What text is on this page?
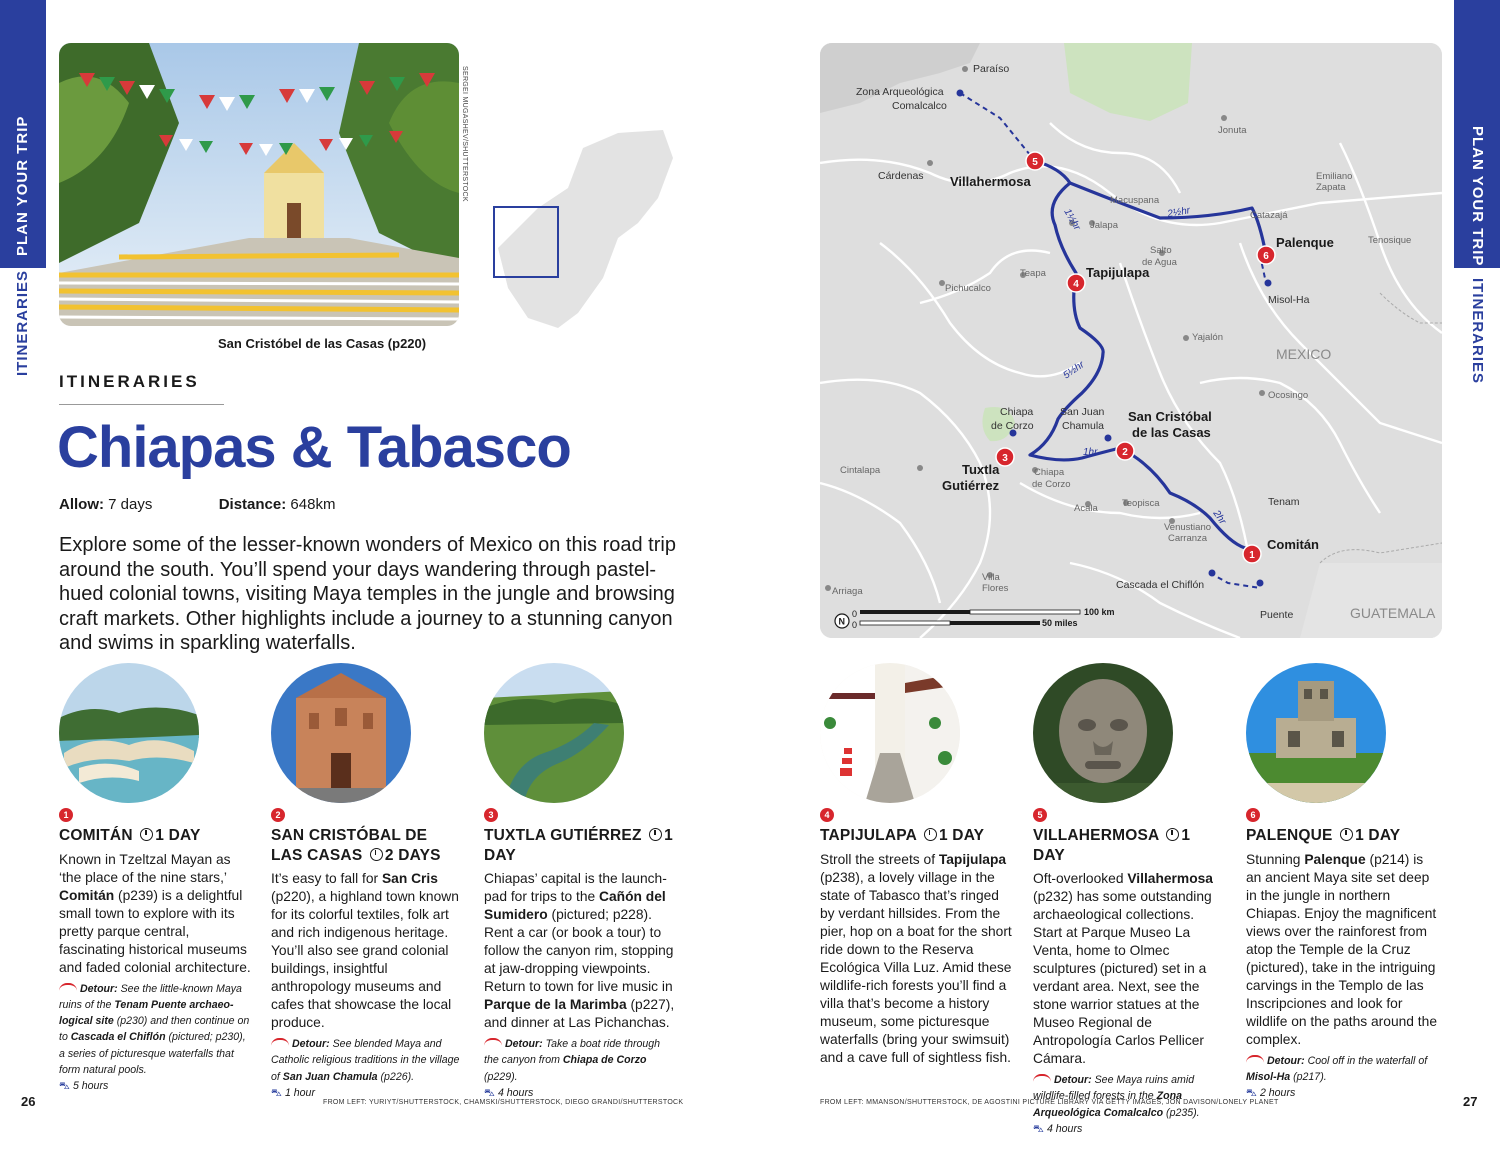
PLAN YOUR TRIP
ITINERARIES
PLAN YOUR TRIP
ITINERARIES
SERGEI MUGASHEV/SHUTTERSTOCK
San Cristóbel de las Casas (p220)
ITINERARIES
Chiapas & Tabasco
Allow: 7 days	Distance: 648km
Explore some of the lesser-known wonders of Mexico on this road trip around the south. You’ll spend your days wandering through pastel-hued colonial towns, visiting Maya temples in the jungle and browsing craft markets. Other highlights include a journey to a stunning canyon and swims in sparkling waterfalls.
1
COMITÁN 1 DAY
Known in Tzeltzal Mayan as ‘the place of the nine stars,’ Comitán (p239) is a delightful small town to explore with its pretty parque central, fascinating historical museums and faded colonial architecture.
Detour: See the little-known Maya ruins of the Tenam Puente archaeological site (p230) and then continue on to Cascada el Chiflón (pictured; p230), a series of picturesque waterfalls that form natural pools.
⛍ 5 hours
2
SAN CRISTÓBAL DE LAS CASAS 2 DAYS
It’s easy to fall for San Cris (p220), a highland town known for its colorful textiles, folk art and rich indigenous heritage. You’ll also see grand colonial buildings, insightful anthropology museums and cafes that showcase the local produce.
Detour: See blended Maya and Catholic religious traditions in the village of San Juan Chamula (p226).
⛍ 1 hour
3
TUXTLA GUTIÉRREZ 1 DAY
Chiapas’ capital is the launchpad for trips to the Cañón del Sumidero (pictured; p228). Rent a car (or book a tour) to follow the canyon rim, stopping at jaw-dropping viewpoints. Return to town for live music in Parque de la Marimba (p227), and dinner at Las Pichanchas.
Detour: Take a boat ride through the canyon from Chiapa de Corzo (p229).
⛍ 4 hours
4
TAPIJULAPA 1 DAY
Stroll the streets of Tapijulapa (p238), a lovely village in the state of Tabasco that’s ringed by verdant hillsides. From the pier, hop on a boat for the short ride down to the Reserva Ecológica Villa Luz. Amid these wildlife-rich forests you’ll find a villa that’s become a history museum, some picturesque waterfalls (bring your swimsuit) and a cave full of sightless fish.
5
VILLAHERMOSA 1 DAY
Oft-overlooked Villahermosa (p232) has some outstanding archaeological collections. Start at Parque Museo La Venta, home to Olmec sculptures (pictured) set in a verdant area. Next, see the stone warrior statues at the Museo Regional de Antropología Carlos Pellicer Cámara.
Detour: See Maya ruins amid wildlife-filled forests in the Zona Arqueológica Comalcalco (p235).
⛍ 4 hours
6
PALENQUE 1 DAY
Stunning Palenque (p214) is an ancient Maya site set deep in the jungle in northern Chiapas. Enjoy the magnificent views over the rainforest from atop the Temple de la Cruz (pictured), take in the intriguing carvings in the Templo de las Inscripciones and look for wildlife on the paths around the complex.
Detour: Cool off in the waterfall of Misol-Ha (p217).
⛍ 2 hours
26	27
FROM LEFT: YURIYT/SHUTTERSTOCK, CHAMSKI/SHUTTERSTOCK, DIEGO GRANDI/SHUTTERSTOCK	FROM LEFT: MMANSON/SHUTTERSTOCK, DE AGOSTINI PICTURE LIBRARY VIA GETTY IMAGES, JON DAVISON/LONELY PLANET
1
2
3
4
5
6
Comitán
Villahermosa
Tapijulapa
Palenque
San Cristóbal
de las Casas
Tuxtla
Gutiérrez
Paraíso
Zona Arqueológica
Comalcalco
Cárdenas
Tenam
Puente
Cascada el Chiflón
Misol-Ha
Chiapa
de Corzo
San Juan
Chamula
Jonuta
Emiliano
Zapata
Macuspana
Catazajá
Tenosique
Jalapa
Salto
de Agua
Teapa
Pichucalco
Yajalón
Ocosingo
Chiapa
de Corzo
Cintalapa
Teopisca
Acala
Venustiano
Carranza
Villa
Flores
Arriaga
MEXICO
GUATEMALA
1½hr	2½hr
5½hr
1hr
2hr
N
0
0
100 km
50 miles
